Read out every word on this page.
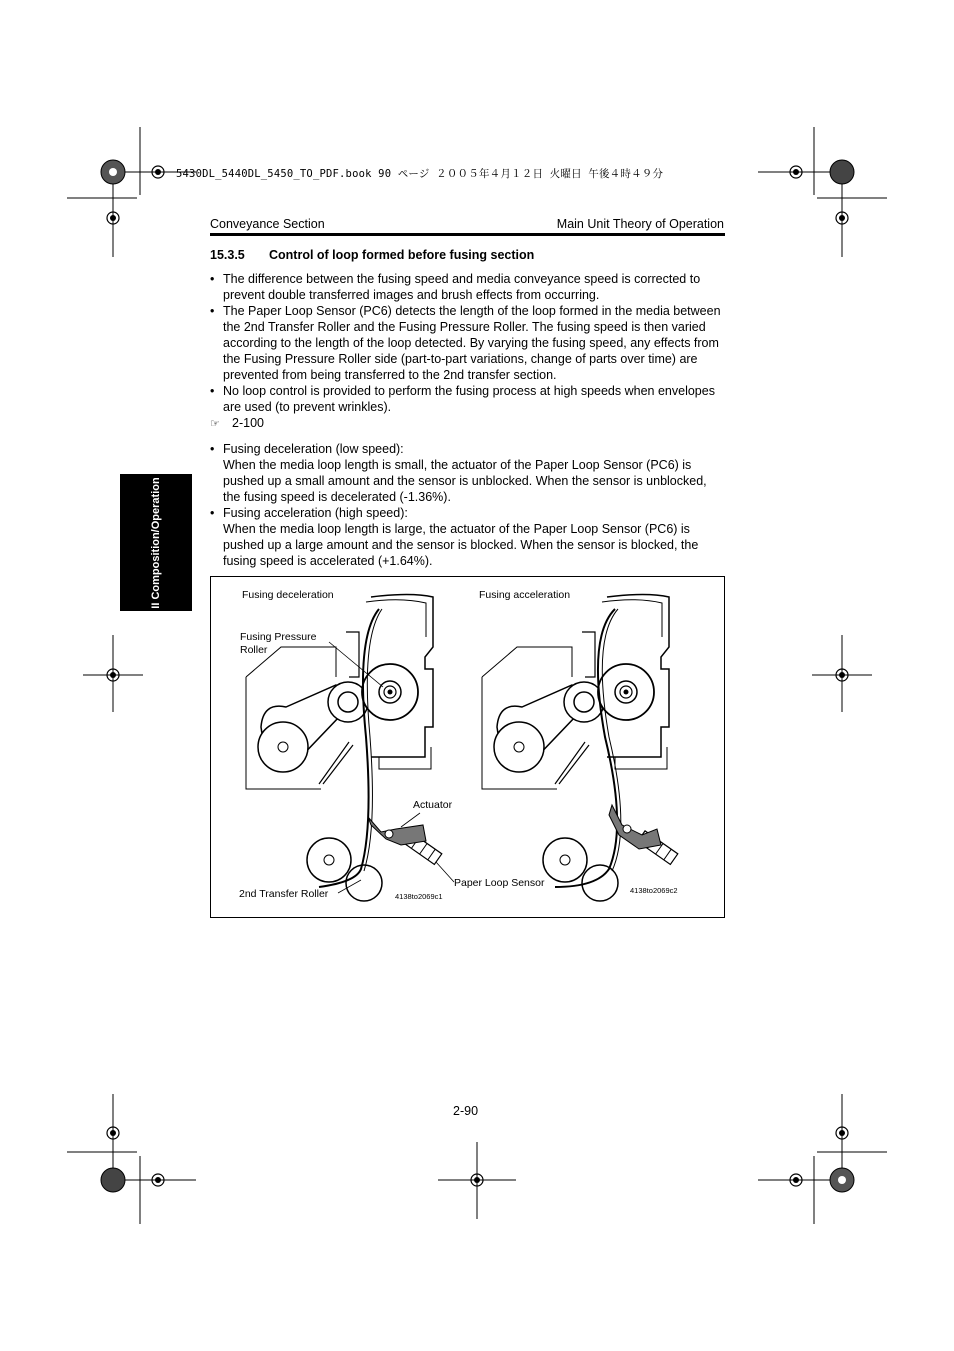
5430DL_5440DL_5450_TO_PDF.book 90 ページ ２００５年４月１２日 火曜日 午後４時４９分
Conveyance Section	Main Unit Theory of Operation
II Composition/Operation
15.3.5 Control of loop formed before fusing section
• The difference between the fusing speed and media conveyance speed is corrected to prevent double transferred images and brush effects from occurring.
• The Paper Loop Sensor (PC6) detects the length of the loop formed in the media between the 2nd Transfer Roller and the Fusing Pressure Roller. The fusing speed is then varied according to the length of the loop detected. By varying the fusing speed, any effects from the Fusing Pressure Roller side (part-to-part variations, change of parts over time) are prevented from being transferred to the 2nd transfer section.
• No loop control is provided to perform the fusing process at high speeds when envelopes are used (to prevent wrinkles).
☞ 2-100
• Fusing deceleration (low speed):
When the media loop length is small, the actuator of the Paper Loop Sensor (PC6) is pushed up a small amount and the sensor is unblocked. When the sensor is unblocked, the fusing speed is decelerated (-1.36%).
• Fusing acceleration (high speed):
When the media loop length is large, the actuator of the Paper Loop Sensor (PC6) is pushed up a large amount and the sensor is blocked. When the sensor is blocked, the fusing speed is accelerated (+1.64%).
Fusing deceleration	Fusing acceleration
Fusing Pressure
Roller
Actuator
Paper Loop Sensor
2nd Transfer Roller	4138to2069c1
4138to2069c2
2-90
